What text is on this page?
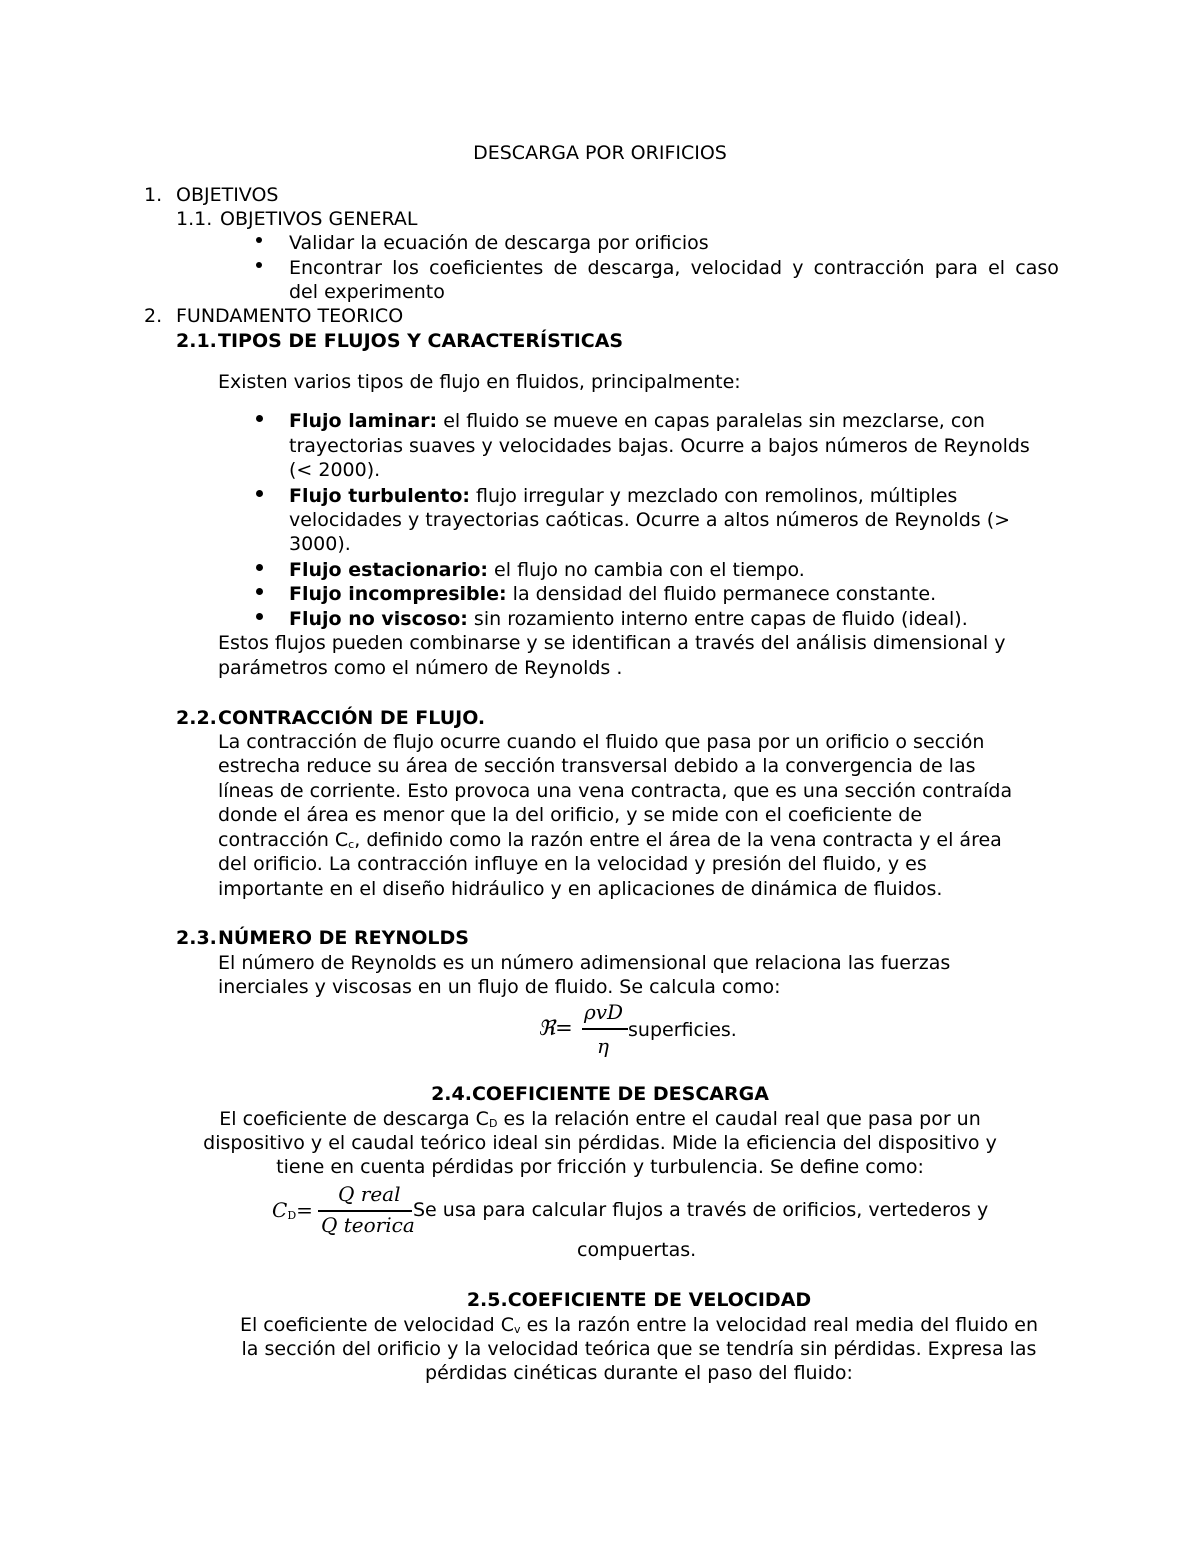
DESCARGA POR ORIFICIOS
1. OBJETIVOS
1.1. OBJETIVOS GENERAL
Validar la ecuación de descarga por orificios
Encontrar los coeficientes de descarga, velocidad y contracción para el caso
del experimento
2. FUNDAMENTO TEORICO
2.1. TIPOS DE FLUJOS Y CARACTERÍSTICAS
Existen varios tipos de flujo en fluidos, principalmente:
Flujo laminar: el fluido se mueve en capas paralelas sin mezclarse, con
trayectorias suaves y velocidades bajas. Ocurre a bajos números de Reynolds
(< 2000).
Flujo turbulento: flujo irregular y mezclado con remolinos, múltiples
velocidades y trayectorias caóticas. Ocurre a altos números de Reynolds (>
3000).
Flujo estacionario: el flujo no cambia con el tiempo.
Flujo incompresible: la densidad del fluido permanece constante.
Flujo no viscoso: sin rozamiento interno entre capas de fluido (ideal).
Estos flujos pueden combinarse y se identifican a través del análisis dimensional y
parámetros como el número de Reynolds .
2.2. CONTRACCIÓN DE FLUJO.
La contracción de flujo ocurre cuando el fluido que pasa por un orificio o sección
estrecha reduce su área de sección transversal debido a la convergencia de las
líneas de corriente. Esto provoca una vena contracta, que es una sección contraída
donde el área es menor que la del orificio, y se mide con el coeficiente de
contracción $C_c$, definido como la razón entre el área de la vena contracta y el área
del orificio. La contracción influye en la velocidad y presión del fluido, y es
importante en el diseño hidráulico y en aplicaciones de dinámica de fluidos.
2.3. NÚMERO DE REYNOLDS
El número de Reynolds es un número adimensional que relaciona las fuerzas
inerciales y viscosas en un flujo de fluido. Se calcula como:
ℜ=
ρvD
η
superficies.
2.4.COEFICIENTE DE DESCARGA
El coeficiente de descarga $C_D$ es la relación entre el caudal real que pasa por un
dispositivo y el caudal teórico ideal sin pérdidas. Mide la eficiencia del dispositivo y
tiene en cuenta pérdidas por fricción y turbulencia. Se define como:
$C_D=$
Q real
Q teorica
Se usa para calcular flujos a través de orificios, vertederos y
compuertas.
2.5.COEFICIENTE DE VELOCIDAD
El coeficiente de velocidad $C_v$ es la razón entre la velocidad real media del fluido en
la sección del orificio y la velocidad teórica que se tendría sin pérdidas. Expresa las
pérdidas cinéticas durante el paso del fluido:
